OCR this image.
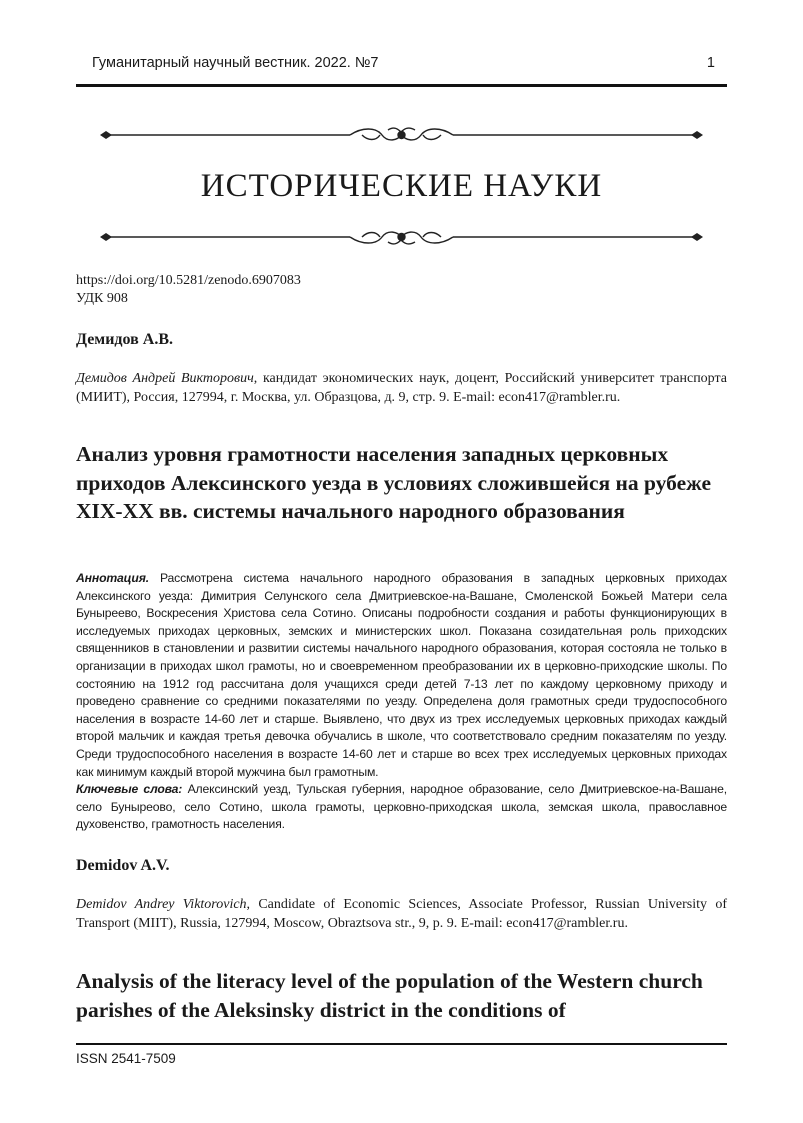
Гуманитарный научный вестник. 2022. №7	1
ИСТОРИЧЕСКИЕ НАУКИ
https://doi.org/10.5281/zenodo.6907083
УДК 908
Демидов А.В.
Демидов Андрей Викторович, кандидат экономических наук, доцент, Российский университет транспорта (МИИТ), Россия, 127994, г. Москва, ул. Образцова, д. 9, стр. 9. E-mail: econ417@rambler.ru.
Анализ уровня грамотности населения западных церковных приходов Алексинского уезда в условиях сложившейся на рубеже XIX-XX вв. системы начального народного образования
Аннотация. Рассмотрена система начального народного образования в западных церковных приходах Алексинского уезда: Димитрия Селунского села Дмитриевское-на-Вашане, Смоленской Божьей Матери села Буныреево, Воскресения Христова села Сотино. Описаны подробности создания и работы функционирующих в исследуемых приходах церковных, земских и министерских школ. Показана созидательная роль приходских священников в становлении и развитии системы начального народного образования, которая состояла не только в организации в приходах школ грамоты, но и своевременном преобразовании их в церковно-приходские школы. По состоянию на 1912 год рассчитана доля учащихся среди детей 7-13 лет по каждому церковному приходу и проведено сравнение со средними показателями по уезду. Определена доля грамотных среди трудоспособного населения в возрасте 14-60 лет и старше. Выявлено, что двух из трех исследуемых церковных приходах каждый второй мальчик и каждая третья девочка обучались в школе, что соответствовало средним показателям по уезду. Среди трудоспособного населения в возрасте 14-60 лет и старше во всех трех исследуемых церковных приходах как минимум каждый второй мужчина был грамотным.
Ключевые слова: Алексинский уезд, Тульская губерния, народное образование, село Дмитриевское-на-Вашане, село Буныреово, село Сотино, школа грамоты, церковно-приходская школа, земская школа, православное духовенство, грамотность населения.
Demidov A.V.
Demidov Andrey Viktorovich, Candidate of Economic Sciences, Associate Professor, Russian University of Transport (MIIT), Russia, 127994, Moscow, Obraztsova str., 9, p. 9. E-mail: econ417@rambler.ru.
Analysis of the literacy level of the population of the Western church parishes of the Aleksinsky district in the conditions of
ISSN 2541-7509
